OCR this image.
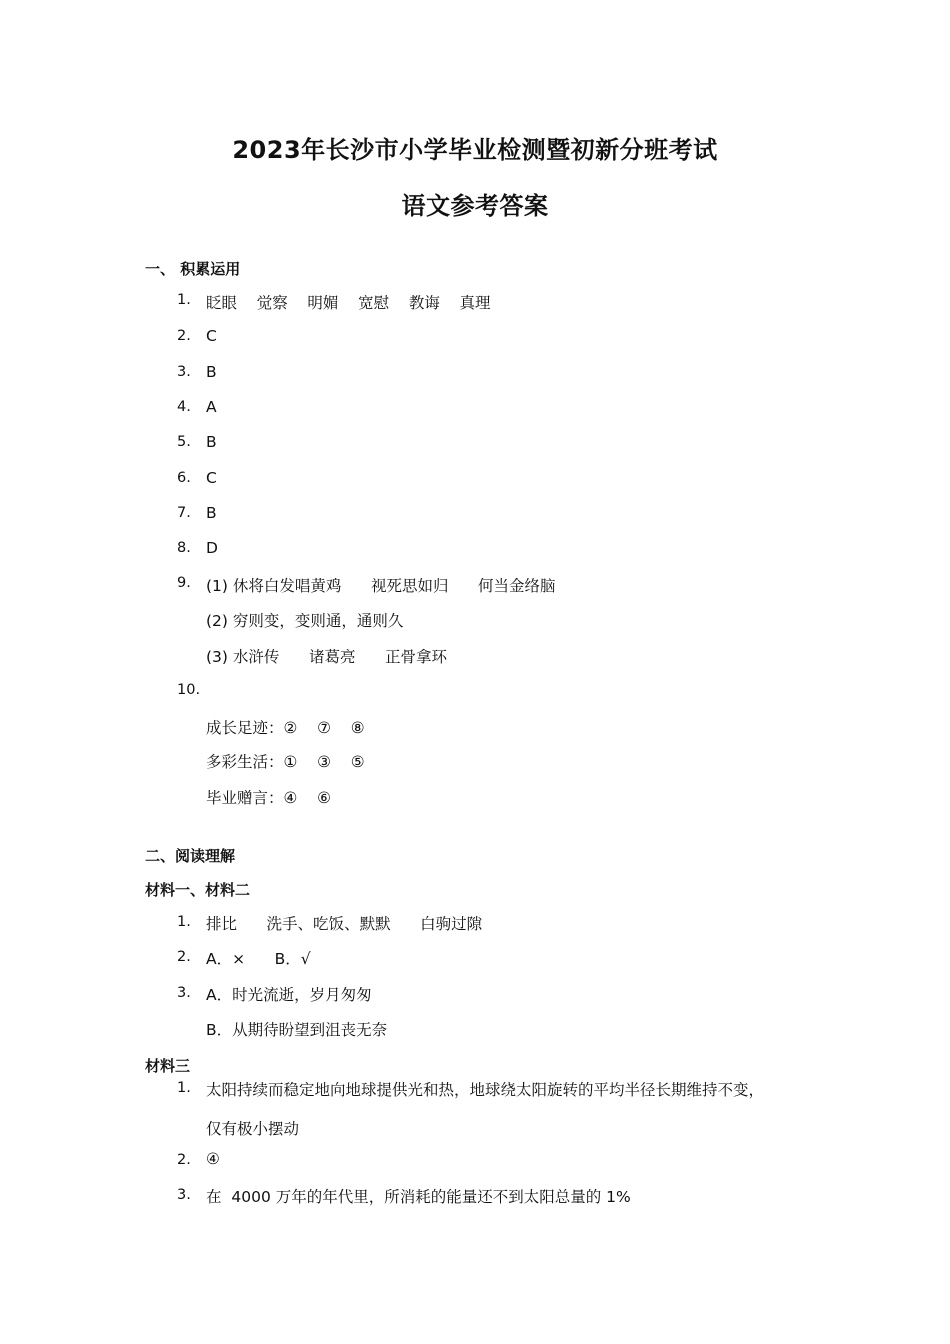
2023年长沙市小学毕业检测暨初新分班考试
语文参考答案
一、 积累运用
1. 眨眼    觉察    明媚    宽慰    教诲    真理
2. C
3. B
4. A
5. B
6. C
7. B
8. D
9. (1) 休将白发唱黄鸡      视死思如归      何当金络脑
(2) 穷则变，变则通，通则久
(3) 水浒传      诸葛亮      正骨拿环
10.
成长足迹：②    ⑦    ⑧
多彩生活：①    ③    ⑤
毕业赠言：④    ⑥
二、阅读理解
材料一、材料二
1. 排比      洗手、吃饭、默默      白驹过隙
2. A．×      B．√
3. A．时光流逝，岁月匆匆
B．从期待盼望到沮丧无奈
材料三
1. 太阳持续而稳定地向地球提供光和热，地球绕太阳旋转的平均半径长期维持不变，
仅有极小摆动
2. ④
3. 在  4000 万年的年代里，所消耗的能量还不到太阳总量的 1%
